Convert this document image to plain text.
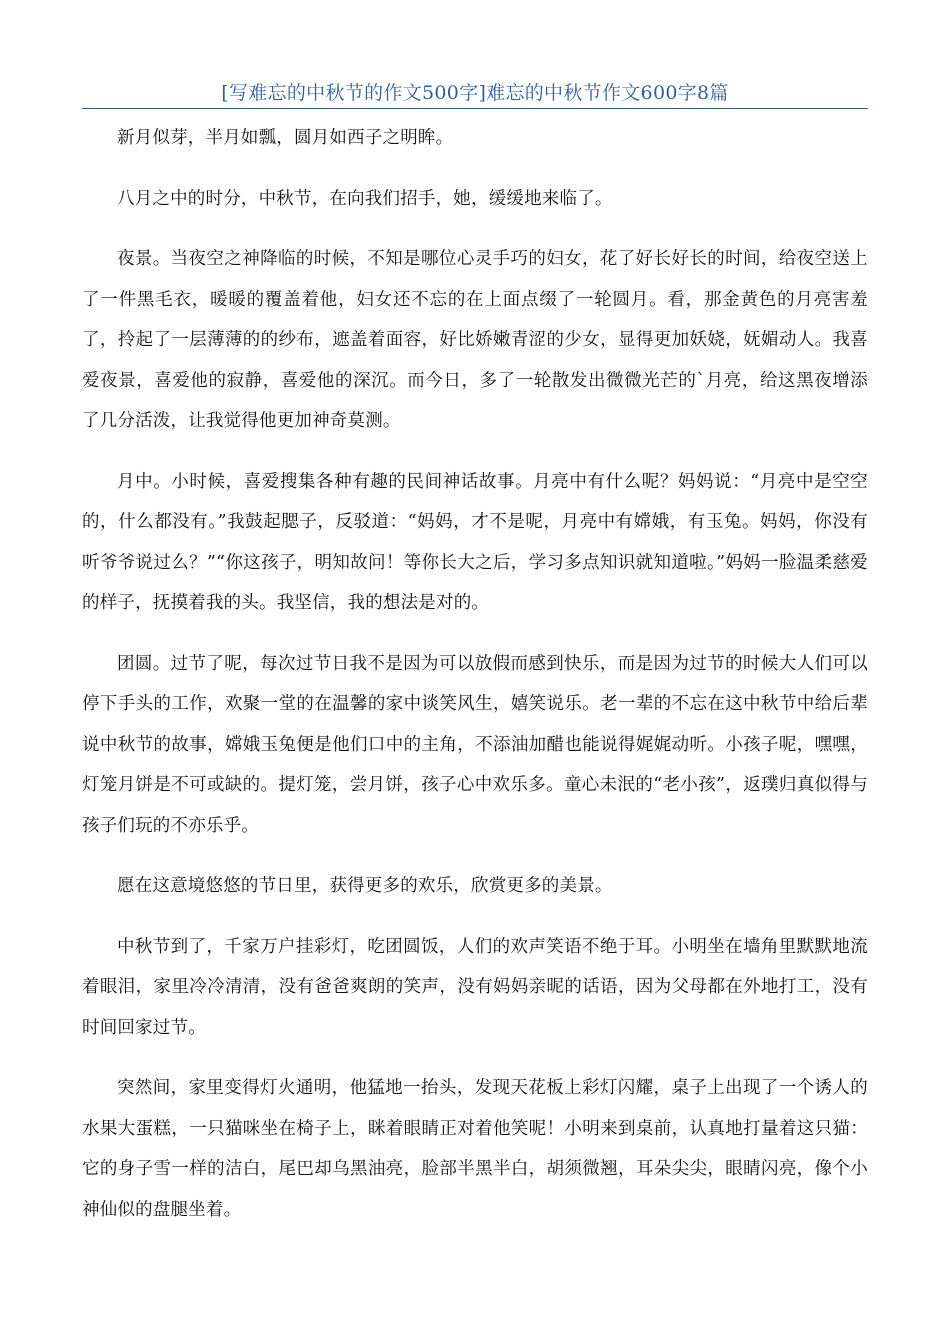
[写难忘的中秋节的作文500字]难忘的中秋节作文600字8篇

新月似芽，半月如瓢，圆月如西子之明眸。

八月之中的时分，中秋节，在向我们招手，她，缓缓地来临了。

夜景。当夜空之神降临的时候，不知是哪位心灵手巧的妇女，花了好长好长的时间，给夜空送上了一件黑毛衣，暖暖的覆盖着他，妇女还不忘的在上面点缀了一轮圆月。看，那金黄色的月亮害羞了，拎起了一层薄薄的的纱布，遮盖着面容，好比娇嫩青涩的少女，显得更加妖娆，妩媚动人。我喜爱夜景，喜爱他的寂静，喜爱他的深沉。而今日，多了一轮散发出微微光芒的`月亮，给这黑夜增添了几分活泼，让我觉得他更加神奇莫测。

月中。小时候，喜爱搜集各种有趣的民间神话故事。月亮中有什么呢？妈妈说：“月亮中是空空的，什么都没有。”我鼓起腮子，反驳道：“妈妈，才不是呢，月亮中有嫦娥，有玉兔。妈妈，你没有听爷爷说过么？”“你这孩子，明知故问！等你长大之后，学习多点知识就知道啦。”妈妈一脸温柔慈爱的样子，抚摸着我的头。我坚信，我的想法是对的。

团圆。过节了呢，每次过节日我不是因为可以放假而感到快乐，而是因为过节的时候大人们可以停下手头的工作，欢聚一堂的在温馨的家中谈笑风生，嬉笑说乐。老一辈的不忘在这中秋节中给后辈说中秋节的故事，嫦娥玉兔便是他们口中的主角，不添油加醋也能说得娓娓动听。小孩子呢，嘿嘿，灯笼月饼是不可或缺的。提灯笼，尝月饼，孩子心中欢乐多。童心未泯的“老小孩”，返璞归真似得与孩子们玩的不亦乐乎。

愿在这意境悠悠的节日里，获得更多的欢乐，欣赏更多的美景。

中秋节到了，千家万户挂彩灯，吃团圆饭，人们的欢声笑语不绝于耳。小明坐在墙角里默默地流着眼泪，家里冷冷清清，没有爸爸爽朗的笑声，没有妈妈亲昵的话语，因为父母都在外地打工，没有时间回家过节。

突然间，家里变得灯火通明，他猛地一抬头，发现天花板上彩灯闪耀，桌子上出现了一个诱人的水果大蛋糕，一只猫咪坐在椅子上，眯着眼睛正对着他笑呢！小明来到桌前，认真地打量着这只猫：它的身子雪一样的洁白，尾巴却乌黑油亮，脸部半黑半白，胡须微翘，耳朵尖尖，眼睛闪亮，像个小神仙似的盘腿坐着。
